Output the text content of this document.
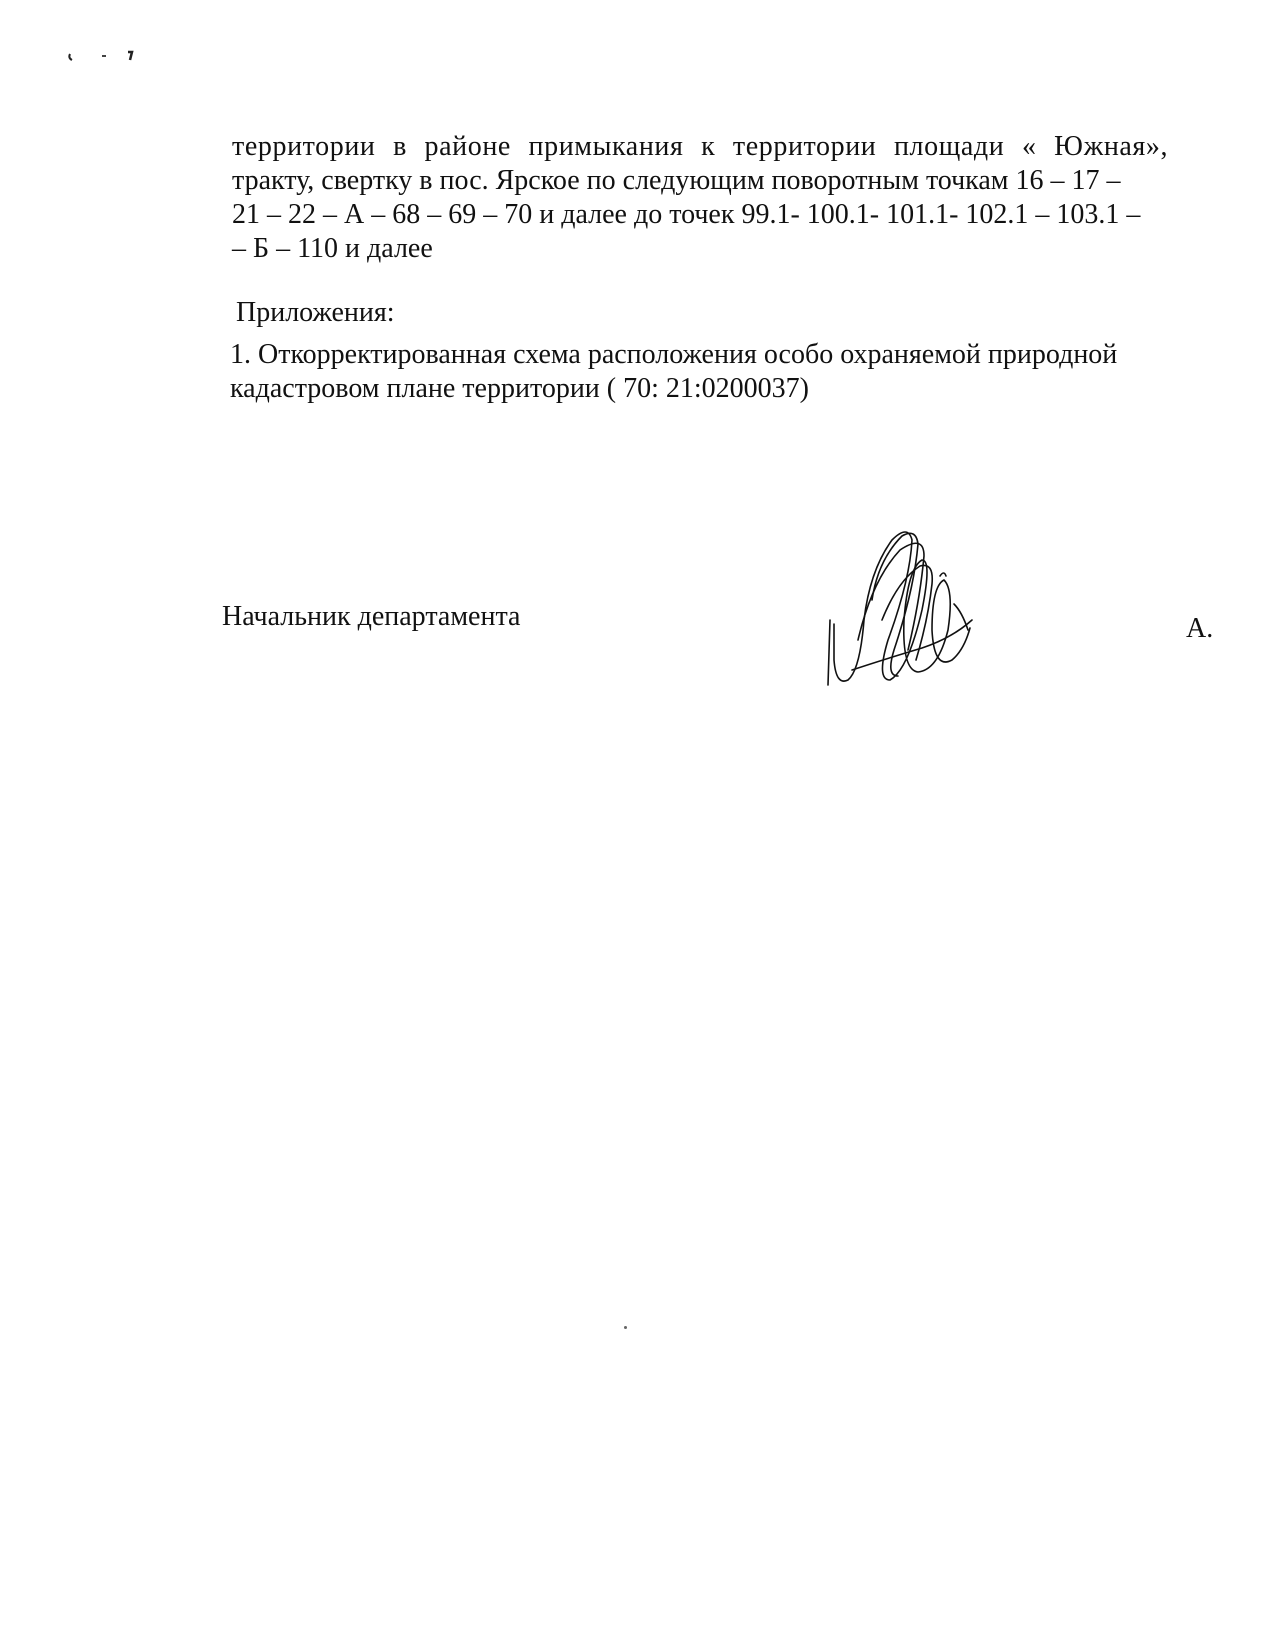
территории в районе примыкания к территории площади « Южная»,
тракту, свертку в пос. Ярское по следующим поворотным точкам 16 – 17 –
21 – 22 – А – 68 – 69 – 70 и далее до точек 99.1- 100.1- 101.1- 102.1 – 103.1 –
– Б – 110 и далее
Приложения:
1. Откорректированная схема расположения особо охраняемой природной
кадастровом плане территории ( 70: 21:0200037)
Начальник департамента	А.
